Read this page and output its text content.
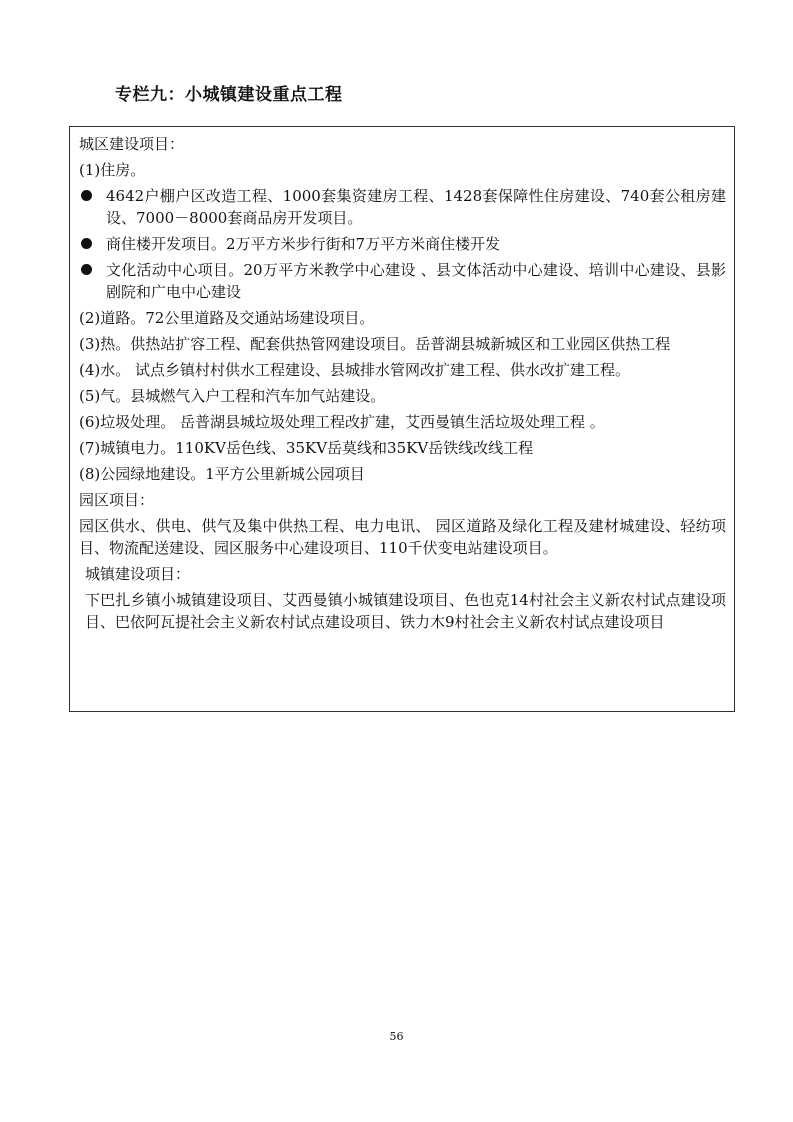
专栏九：小城镇建设重点工程
城区建设项目：
(1)住房。
4642户棚户区改造工程、1000套集资建房工程、1428套保障性住房建设、740套公租房建设、7000－8000套商品房开发项目。
商住楼开发项目。2万平方米步行街和7万平方米商住楼开发
文化活动中心项目。20万平方米教学中心建设 、县文体活动中心建设、培训中心建设、县影剧院和广电中心建设
(2)道路。72公里道路及交通站场建设项目。
(3)热。供热站扩容工程、配套供热管网建设项目。岳普湖县城新城区和工业园区供热工程
(4)水。 试点乡镇村村供水工程建设、县城排水管网改扩建工程、供水改扩建工程。
(5)气。县城燃气入户工程和汽车加气站建设。
(6)垃圾处理。 岳普湖县城垃圾处理工程改扩建，艾西曼镇生活垃圾处理工程 。
(7)城镇电力。110KV岳色线、35KV岳莫线和35KV岳铁线改线工程
(8)公园绿地建设。1平方公里新城公园项目
园区项目：
园区供水、供电、供气及集中供热工程、电力电讯、 园区道路及绿化工程及建材城建设、轻纺项目、物流配送建设、园区服务中心建设项目、110千伏变电站建设项目。
城镇建设项目：
下巴扎乡镇小城镇建设项目、艾西曼镇小城镇建设项目、色也克14村社会主义新农村试点建设项目、巴依阿瓦提社会主义新农村试点建设项目、铁力木9村社会主义新农村试点建设项目
56
